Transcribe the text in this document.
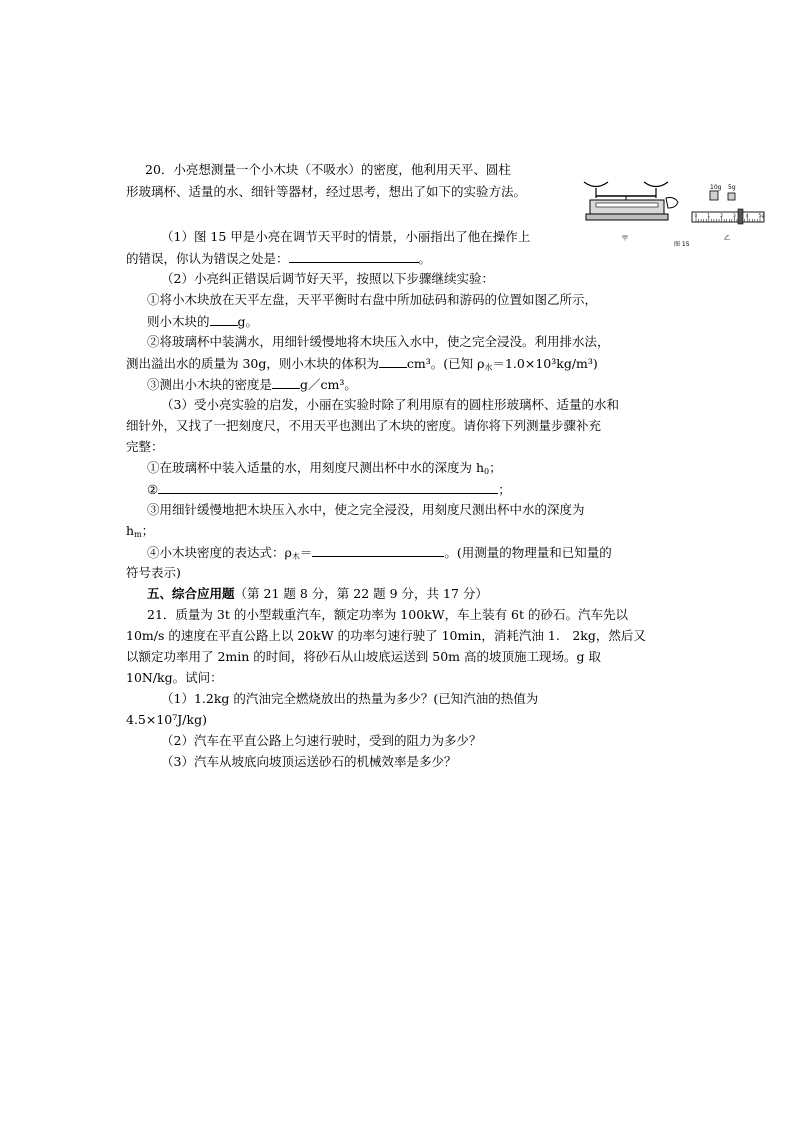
20．小亮想测量一个小木块（不吸水）的密度，他利用天平、圆柱
形玻璃杯、适量的水、细针等器材，经过思考，想出了如下的实验方法。
（1）图 15 甲是小亮在调节天平时的情景，小丽指出了他在操作上
的错误，你认为错误之处是：	。
（2）小亮纠正错误后调节好天平，按照以下步骤继续实验：
①将小木块放在天平左盘，天平平衡时右盘中所加砝码和游码的位置如图乙所示，
则小木块的 g。
②将玻璃杯中装满水，用细针缓慢地将木块压入水中，使之完全浸没。利用排水法，
测出溢出水的质量为 30g，则小木块的体积为 cm³。(已知 $\rho_水=1.0\times 10^3kg/m^3$)
③测出小木块的密度是 g／cm³。
（3）受小亮实验的启发，小丽在实验时除了利用原有的圆柱形玻璃杯、适量的水和
细针外，又找了一把刻度尺，不用天平也测出了木块的密度。请你将下列测量步骤补充
完整：
①在玻璃杯中装入适量的水，用刻度尺测出杯中水的深度为 $h_0$；
②	；
③用细针缓慢地把木块压入水中，使之完全浸没，用刻度尺测出杯中水的深度为
$h_m$；
④小木块密度的表达式：$\rho_木=$	。(用测量的物理量和已知量的
符号表示)
五、综合应用题（第 21 题 8 分，第 22 题 9 分，共 17 分）
21．质量为 3t 的小型载重汽车，额定功率为 100kW，车上装有 6t 的砂石。汽车先以
10m/s 的速度在平直公路上以 20kW 的功率匀速行驶了 10min，消耗汽油 1.　2kg，然后又
以额定功率用了 2min 的时间，将砂石从山坡底运送到 50m 高的坡顶施工现场。g 取
10N/kg。试问：
（1）1.2kg 的汽油完全燃烧放出的热量为多少？(已知汽油的热值为
4.5×10⁷J/kg)
（2）汽车在平直公路上匀速行驶时，受到的阻力为多少？
（3）汽车从坡底向坡顶运送砂石的机械效率是多少？
10g 5g
0 1 2 3 4 5g
甲
图 15
乙
